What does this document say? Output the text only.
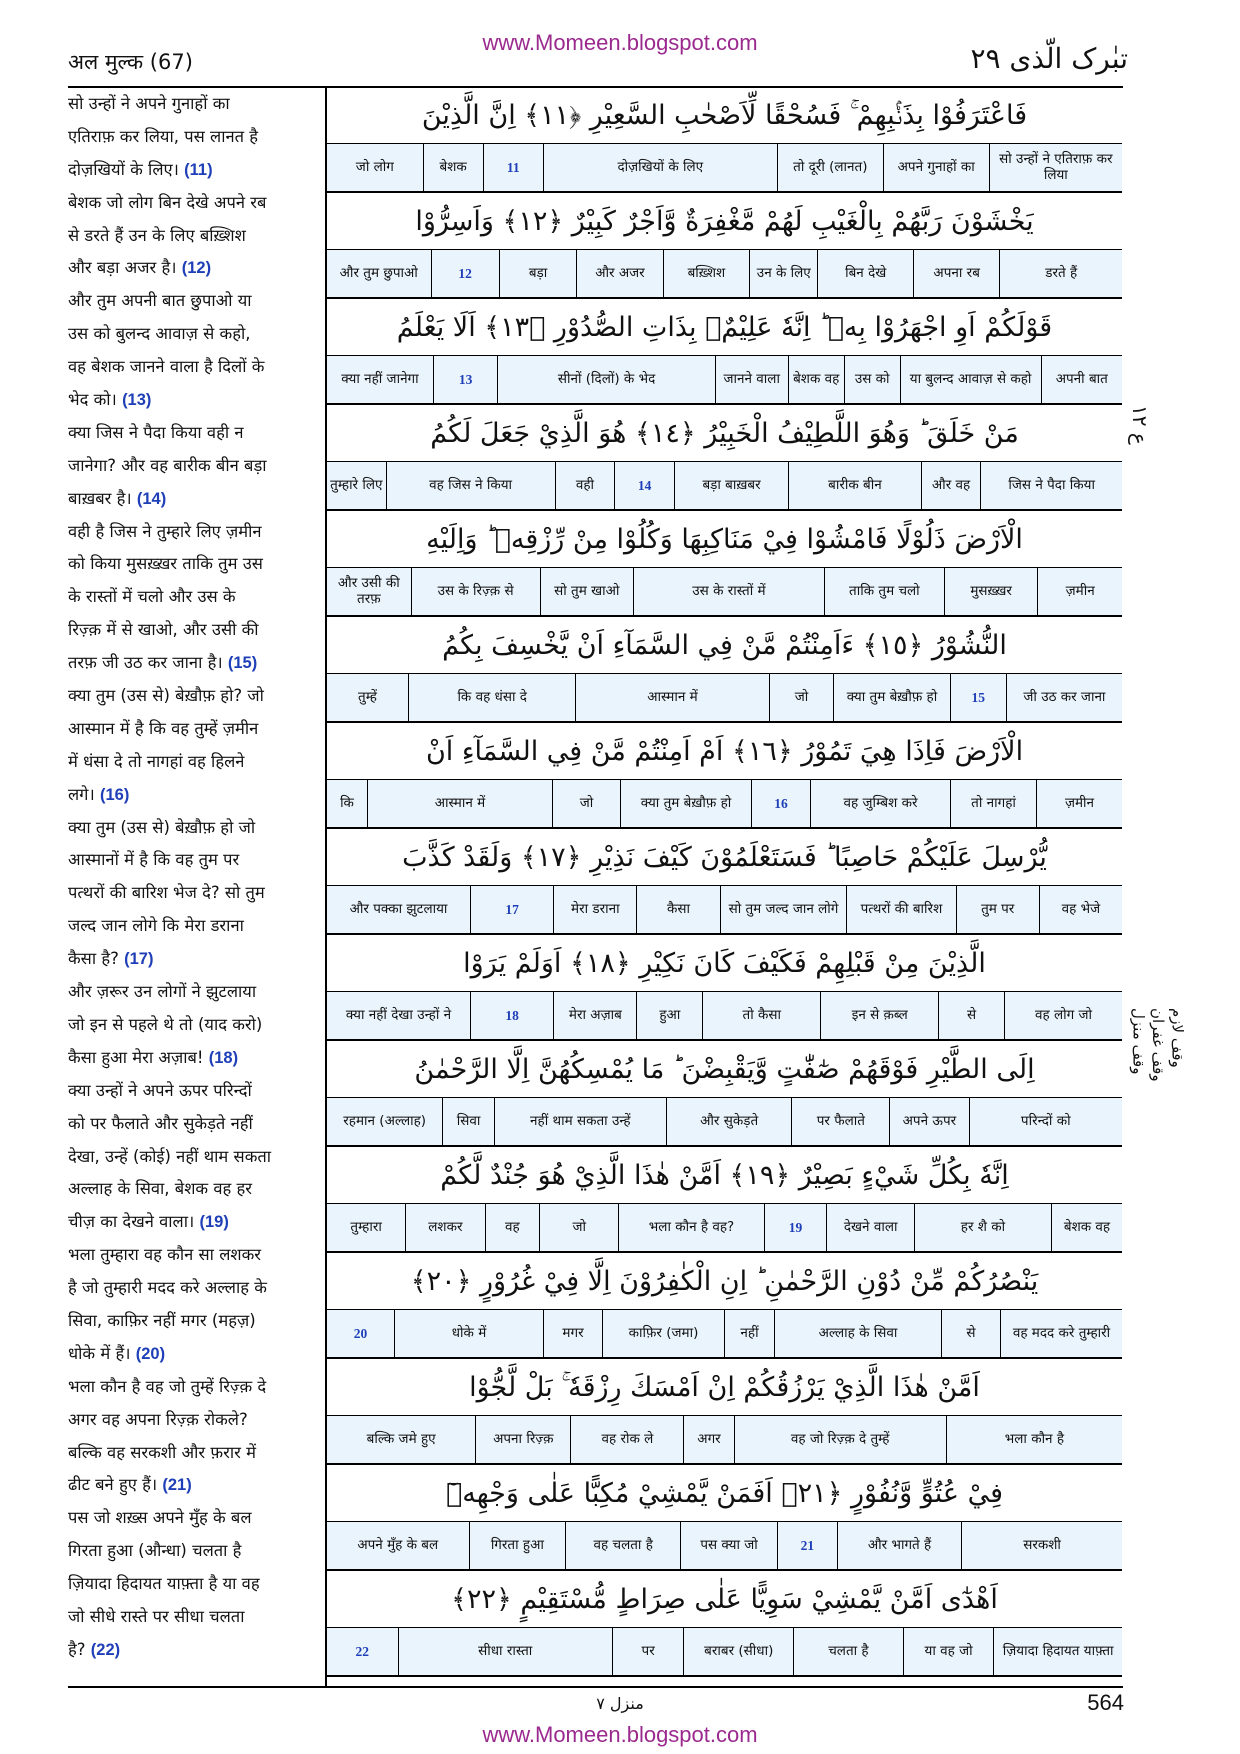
अल मुल्क (67)
www.Momeen.blogspot.com	تبٰرک الّذی ۲۹
सो उन्हों ने अपने गुनाहों का
एतिराफ़ कर लिया, पस लानत है
दोज़खियों के लिए। (11)
बेशक जो लोग बिन देखे अपने रब
से डरते हैं उन के लिए बख़्शिश
और बड़ा अजर है। (12)
और तुम अपनी बात छुपाओ या
उस को बुलन्द आवाज़ से कहो,
वह बेशक जानने वाला है दिलों के
भेद को। (13)
क्या जिस ने पैदा किया वही न
जानेगा? और वह बारीक बीन बड़ा
बाख़बर है। (14)
वही है जिस ने तुम्हारे लिए ज़मीन
को किया मुसख़्ख़र ताकि तुम उस
के रास्तों में चलो और उस के
रिज़्क़ में से खाओ, और उसी की
तरफ़ जी उठ कर जाना है। (15)
क्या तुम (उस से) बेख़ौफ़ हो? जो
आस्मान में है कि वह तुम्हें ज़मीन
में धंसा दे तो नागहां वह हिलने
लगे। (16)
क्या तुम (उस से) बेख़ौफ़ हो जो
आस्मानों में है कि वह तुम पर
पत्थरों की बारिश भेज दे? सो तुम
जल्द जान लोगे कि मेरा डराना
कैसा है? (17)
और ज़रूर उन लोगों ने झुटलाया
जो इन से पहले थे तो (याद करो)
कैसा हुआ मेरा अज़ाब! (18)
क्या उन्हों ने अपने ऊपर परिन्दों
को पर फैलाते और सुकेड़ते नहीं
देखा, उन्हें (कोई) नहीं थाम सकता
अल्लाह के सिवा, बेशक वह हर
चीज़ का देखने वाला। (19)
भला तुम्हारा वह कौन सा लशकर
है जो तुम्हारी मदद करे अल्लाह के
सिवा, काफ़िर नहीं मगर (महज़)
धोके में हैं। (20)
भला कौन है वह जो तुम्हें रिज़्क़ दे
अगर वह अपना रिज़्क़ रोकले?
बल्कि वह सरकशी और फ़रार में
ढीट बने हुए हैं। (21)
पस जो शख़्स अपने मुँह के बल
गिरता हुआ (औन्धा) चलता है
ज़ियादा हिदायत याफ़्ता है या वह
जो सीधे रास्ते पर सीधा चलता
है? (22)
فَاعْتَرَفُوْا بِذَنْۢبِهِمْ ۚ فَسُحْقًا لِّاَصْحٰبِ السَّعِيْرِ ﴿١١﴾ اِنَّ الَّذِيْنَ
सो उन्हों ने एतिराफ़ कर लिया
अपने गुनाहों का
तो दूरी (लानत)
दोज़खियों के लिए
11
बेशक
जो लोग
يَخْشَوْنَ رَبَّهُمْ بِالْغَيْبِ لَهُمْ مَّغْفِرَةٌ وَّاَجْرٌ كَبِيْرٌ ﴿١٢﴾ وَاَسِرُّوْا
डरते हैं
अपना रब
बिन देखे
उन के लिए
बख़्शिश
और अजर
बड़ा
12
और तुम छुपाओ
قَوْلَكُمْ اَوِ اجْهَرُوْا بِهٖ ؕ اِنَّهٗ عَلِيْمٌۢ بِذَاتِ الصُّدُوْرِ ﴿١٣﴾ اَلَا يَعْلَمُ
अपनी बात
या बुलन्द आवाज़ से कहो
उस को
बेशक वह
जानने वाला
सीनों (दिलों) के भेद
13
क्या नहीं जानेगा
مَنْ خَلَقَ ؕ وَهُوَ اللَّطِيْفُ الْخَبِيْرُ ﴿١٤﴾ هُوَ الَّذِيْ جَعَلَ لَكُمُ
जिस ने पैदा किया
और वह
बारीक बीन
बड़ा बाख़बर
14
वही
वह जिस ने किया
तुम्हारे लिए
الْاَرْضَ ذَلُوْلًا فَامْشُوْا فِيْ مَنَاكِبِهَا وَكُلُوْا مِنْ رِّزْقِهٖ ؕ وَاِلَيْهِ
ज़मीन
मुसख़्ख़र
ताकि तुम चलो
उस के रास्तों में
सो तुम खाओ
उस के रिज़्क़ से
और उसी की तरफ़
النُّشُوْرُ ﴿١٥﴾ ءَاَمِنْتُمْ مَّنْ فِي السَّمَآءِ اَنْ يَّخْسِفَ بِكُمُ
जी उठ कर जाना
15
क्या तुम बेख़ौफ़ हो
जो
आस्मान में
कि वह धंसा दे
तुम्हें
الْاَرْضَ فَاِذَا هِيَ تَمُوْرُ ﴿١٦﴾ اَمْ اَمِنْتُمْ مَّنْ فِي السَّمَآءِ اَنْ
ज़मीन
तो नागहां
वह जुम्बिश करे
16
क्या तुम बेख़ौफ़ हो
जो
आस्मान में
कि
يُّرْسِلَ عَلَيْكُمْ حَاصِبًا ؕ فَسَتَعْلَمُوْنَ كَيْفَ نَذِيْرِ ﴿١٧﴾ وَلَقَدْ كَذَّبَ
वह भेजे
तुम पर
पत्थरों की बारिश
सो तुम जल्द जान लोगे
कैसा
मेरा डराना
17
और पक्का झुटलाया
الَّذِيْنَ مِنْ قَبْلِهِمْ فَكَيْفَ كَانَ نَكِيْرِ ﴿١٨﴾ اَوَلَمْ يَرَوْا
वह लोग जो
से
इन से क़ब्ल
तो कैसा
हुआ
मेरा अज़ाब
18
क्या नहीं देखा उन्हों ने
اِلَى الطَّيْرِ فَوْقَهُمْ صٰٓفّٰتٍ وَّيَقْبِضْنَ ؕ مَا يُمْسِكُهُنَّ اِلَّا الرَّحْمٰنُ
परिन्दों को
अपने ऊपर
पर फैलाते
और सुकेड़ते
नहीं थाम सकता उन्हें
सिवा
रहमान (अल्लाह)
اِنَّهٗ بِكُلِّ شَيْءٍ بَصِيْرٌ ﴿١٩﴾ اَمَّنْ هٰذَا الَّذِيْ هُوَ جُنْدٌ لَّكُمْ
बेशक वह
हर शै को
देखने वाला
19
भला कौन है वह?
जो
वह
लशकर
तुम्हारा
يَنْصُرُكُمْ مِّنْ دُوْنِ الرَّحْمٰنِ ؕ اِنِ الْكٰفِرُوْنَ اِلَّا فِيْ غُرُوْرٍ ﴿٢٠﴾
वह मदद करे तुम्हारी
से
अल्लाह के सिवा
नहीं
काफ़िर (जमा)
मगर
धोके में
20
اَمَّنْ هٰذَا الَّذِيْ يَرْزُقُكُمْ اِنْ اَمْسَكَ رِزْقَهٗ ۚ بَلْ لَّجُّوْا
भला कौन है
वह जो रिज़्क़ दे तुम्हें
अगर
वह रोक ले
अपना रिज़्क़
बल्कि जमे हुए
فِيْ عُتُوٍّ وَّنُفُوْرٍ ﴿٢١﴾ اَفَمَنْ يَّمْشِيْ مُكِبًّا عَلٰى وَجْهِهٖٓ
सरकशी
और भागते हैं
21
पस क्या जो
वह चलता है
गिरता हुआ
अपने मुँह के बल
اَهْدٰٓى اَمَّنْ يَّمْشِيْ سَوِيًّا عَلٰى صِرَاطٍ مُّسْتَقِيْمٍ ﴿٢٢﴾
ज़ियादा हिदायत याफ़्ता
या वह जो
चलता है
बराबर (सीधा)
पर
सीधा रास्ता
22
ع ۱۲
وقف لازم
وقف غفران
وقف منزل
منزل ۷	564
www.Momeen.blogspot.com
